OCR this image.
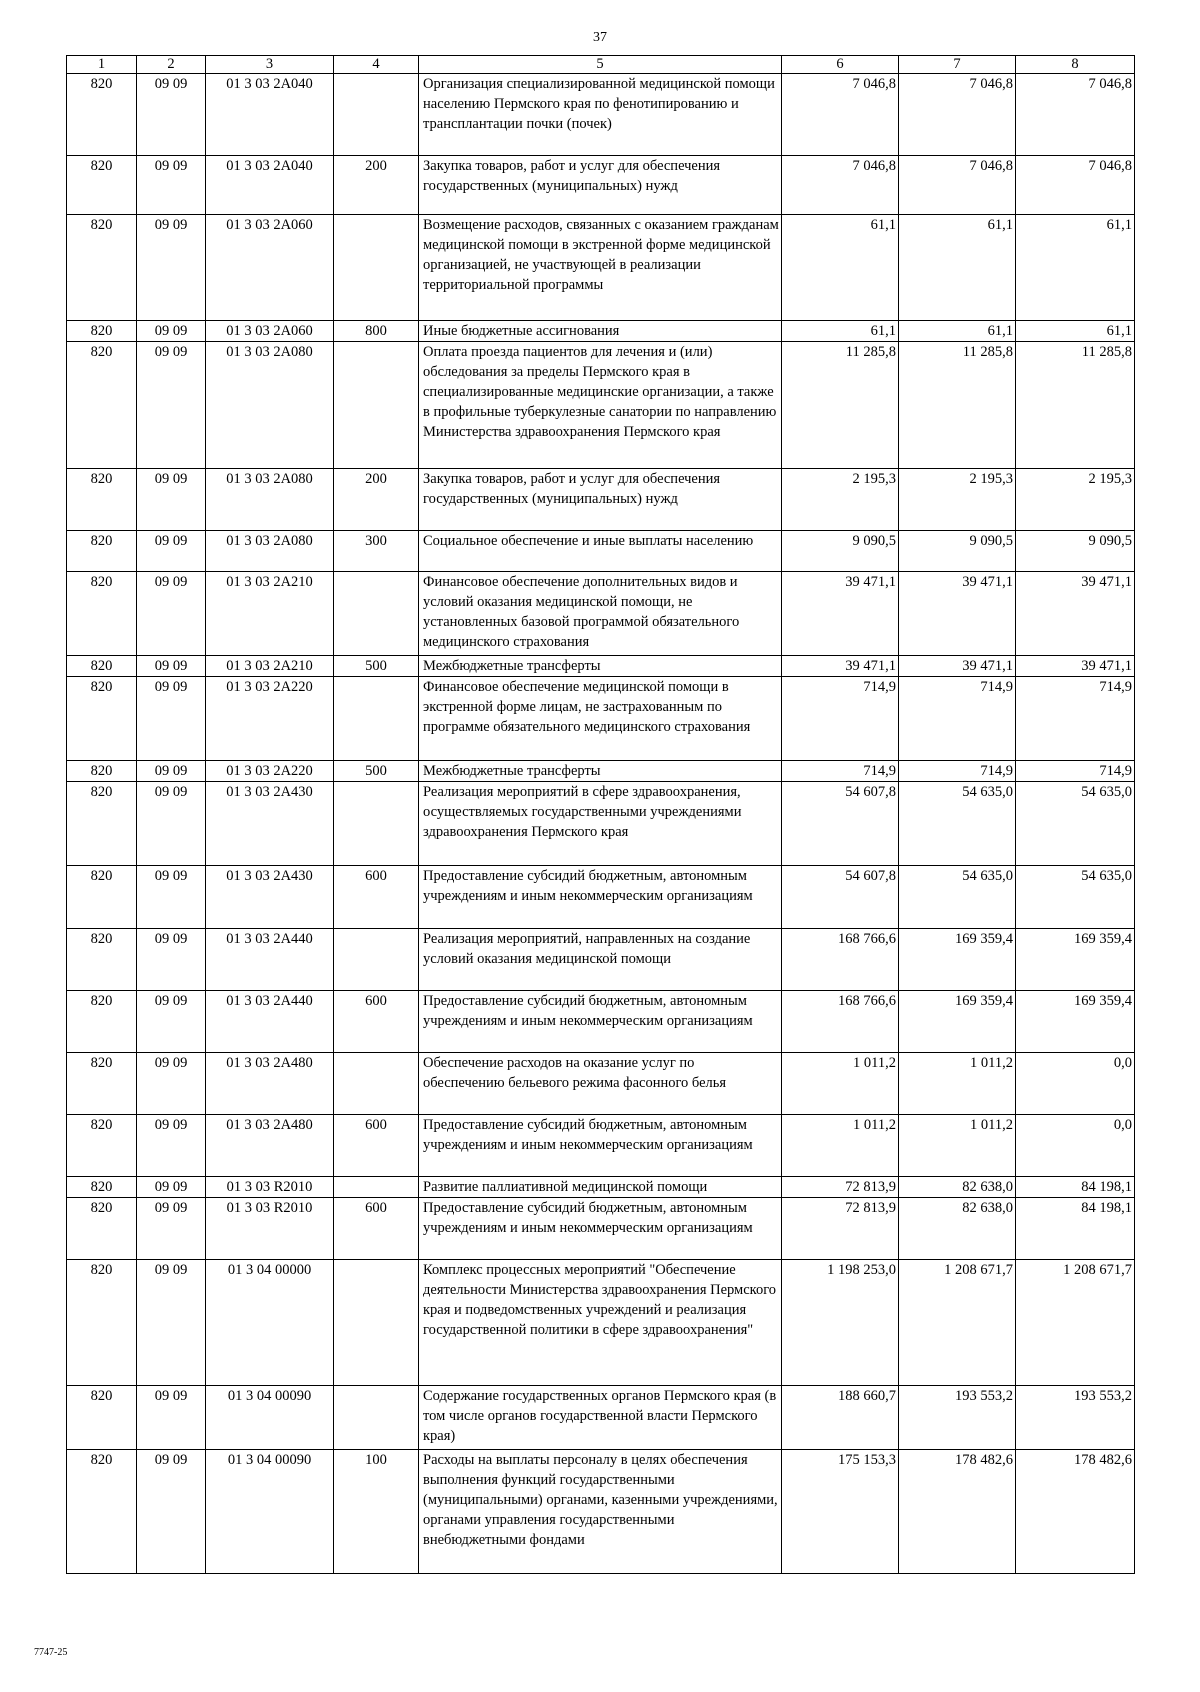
37
1	2	3	4	5	6	7	8
820	09 09	01 3 03 2A040		Организация специализированной медицинской помощи населению Пермского края по фенотипированию и трансплантации почки (почек)	7 046,8	7 046,8	7 046,8
820	09 09	01 3 03 2A040	200	Закупка товаров, работ и услуг для обеспечения государственных (муниципальных) нужд	7 046,8	7 046,8	7 046,8
820	09 09	01 3 03 2A060		Возмещение расходов, связанных с оказанием гражданам медицинской помощи в экстренной форме медицинской организацией, не участвующей в реализации территориальной программы	61,1	61,1	61,1
820	09 09	01 3 03 2A060	800	Иные бюджетные ассигнования	61,1	61,1	61,1
820	09 09	01 3 03 2A080		Оплата проезда пациентов для лечения и (или) обследования за пределы Пермского края в специализированные медицинские организации, а также в профильные туберкулезные санатории по направлению Министерства здравоохранения Пермского края	11 285,8	11 285,8	11 285,8
820	09 09	01 3 03 2A080	200	Закупка товаров, работ и услуг для обеспечения государственных (муниципальных) нужд	2 195,3	2 195,3	2 195,3
820	09 09	01 3 03 2A080	300	Социальное обеспечение и иные выплаты населению	9 090,5	9 090,5	9 090,5
820	09 09	01 3 03 2A210		Финансовое обеспечение дополнительных видов и условий оказания медицинской помощи, не установленных базовой программой обязательного медицинского страхования	39 471,1	39 471,1	39 471,1
820	09 09	01 3 03 2A210	500	Межбюджетные трансферты	39 471,1	39 471,1	39 471,1
820	09 09	01 3 03 2A220		Финансовое обеспечение медицинской помощи в экстренной форме лицам, не застрахованным по программе обязательного медицинского страхования	714,9	714,9	714,9
820	09 09	01 3 03 2A220	500	Межбюджетные трансферты	714,9	714,9	714,9
820	09 09	01 3 03 2A430		Реализация мероприятий в сфере здравоохранения, осуществляемых государственными учреждениями здравоохранения Пермского края	54 607,8	54 635,0	54 635,0
820	09 09	01 3 03 2A430	600	Предоставление субсидий бюджетным, автономным учреждениям и иным некоммерческим организациям	54 607,8	54 635,0	54 635,0
820	09 09	01 3 03 2A440		Реализация мероприятий, направленных на создание условий оказания медицинской помощи	168 766,6	169 359,4	169 359,4
820	09 09	01 3 03 2A440	600	Предоставление субсидий бюджетным, автономным учреждениям и иным некоммерческим организациям	168 766,6	169 359,4	169 359,4
820	09 09	01 3 03 2A480		Обеспечение расходов на оказание услуг по обеспечению бельевого режима фасонного белья	1 011,2	1 011,2	0,0
820	09 09	01 3 03 2A480	600	Предоставление субсидий бюджетным, автономным учреждениям и иным некоммерческим организациям	1 011,2	1 011,2	0,0
820	09 09	01 3 03 R2010		Развитие паллиативной медицинской помощи	72 813,9	82 638,0	84 198,1
820	09 09	01 3 03 R2010	600	Предоставление субсидий бюджетным, автономным учреждениям и иным некоммерческим организациям	72 813,9	82 638,0	84 198,1
820	09 09	01 3 04 00000		Комплекс процессных мероприятий "Обеспечение деятельности Министерства здравоохранения Пермского края и подведомственных учреждений и реализация государственной политики в сфере здравоохранения"	1 198 253,0	1 208 671,7	1 208 671,7
820	09 09	01 3 04 00090		Содержание государственных органов Пермского края (в том числе органов государственной власти Пермского края)	188 660,7	193 553,2	193 553,2
820	09 09	01 3 04 00090	100	Расходы на выплаты персоналу в целях обеспечения выполнения функций государственными (муниципальными) органами, казенными учреждениями, органами управления государственными внебюджетными фондами	175 153,3	178 482,6	178 482,6
7747-25
